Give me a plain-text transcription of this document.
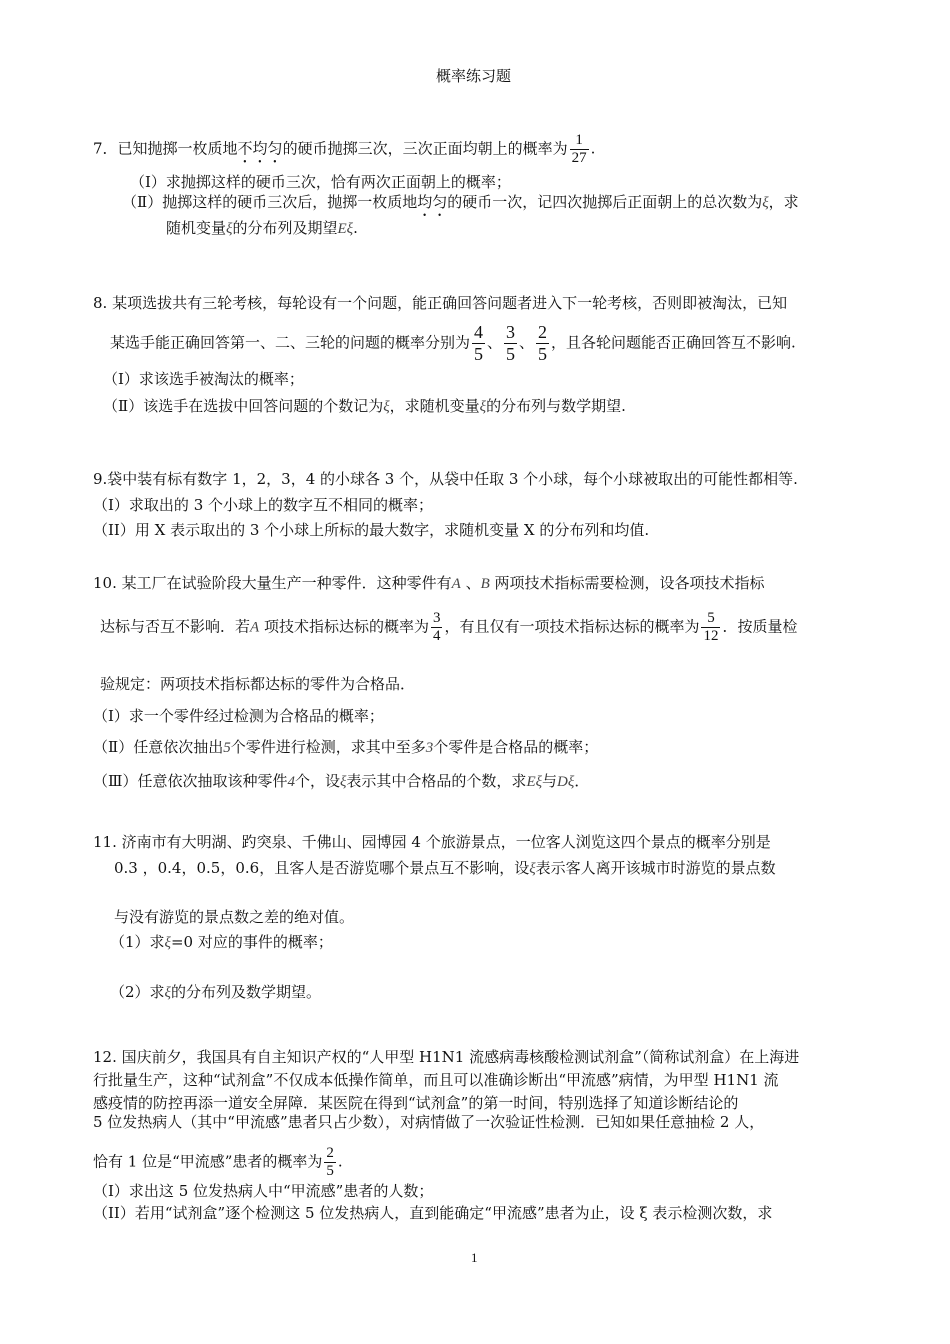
概率练习题
7．已知抛掷一枚质地不均匀的硬币抛掷三次，三次正面均朝上的概率为 $\frac{1}{27}$ .
（Ⅰ）求抛掷这样的硬币三次，恰有两次正面朝上的概率；
（Ⅱ）抛掷这样的硬币三次后，抛掷一枚质地均匀的硬币一次，记四次抛掷后正面朝上的总次数为ξ，求
随机变量ξ的分布列及期望Eξ.
8. 某项选拔共有三轮考核，每轮设有一个问题，能正确回答问题者进入下一轮考核，否则即被淘汰，已知
某选手能正确回答第一、二、三轮的问题的概率分别为 $\frac{4}{5}$ 、 $\frac{3}{5}$ 、 $\frac{2}{5}$ ，且各轮问题能否正确回答互不影响.
（Ⅰ）求该选手被淘汰的概率；
（Ⅱ）该选手在选拔中回答问题的个数记为ξ，求随机变量ξ的分布列与数学期望.
9.袋中装有标有数字 1，2，3，4 的小球各 3 个，从袋中任取 3 个小球，每个小球被取出的可能性都相等.
（I）求取出的 3 个小球上的数字互不相同的概率；
（II）用 X 表示取出的 3 个小球上所标的最大数字，求随机变量 X 的分布列和均值.
10. 某工厂在试验阶段大量生产一种零件．这种零件有A 、B 两项技术指标需要检测，设各项技术指标
达标与否互不影响．若A 项技术指标达标的概率为 $\frac{3}{4}$ ，有且仅有一项技术指标达标的概率为 $\frac{5}{12}$ ．按质量检
验规定：两项技术指标都达标的零件为合格品．
（Ⅰ）求一个零件经过检测为合格品的概率；
（Ⅱ）任意依次抽出5个零件进行检测，求其中至多3个零件是合格品的概率；
（Ⅲ）任意依次抽取该种零件4个，设ξ表示其中合格品的个数，求Eξ与Dξ．
11. 济南市有大明湖、趵突泉、千佛山、园博园 4 个旅游景点，一位客人浏览这四个景点的概率分别是
0.3 ，0.4，0.5，0.6，且客人是否游览哪个景点互不影响，设ξ表示客人离开该城市时游览的景点数
与没有游览的景点数之差的绝对值。
（1）求ξ=0 对应的事件的概率；
（2）求ξ的分布列及数学期望。
12. 国庆前夕，我国具有自主知识产权的“人甲型 H1N1 流感病毒核酸检测试剂盒”（简称试剂盒）在上海进
行批量生产，这种“试剂盒”不仅成本低操作简单，而且可以准确诊断出“甲流感”病情，为甲型 H1N1 流
感疫情的防控再添一道安全屏障．某医院在得到“试剂盒”的第一时间，特别选择了知道诊断结论的
5 位发热病人（其中“甲流感”患者只占少数），对病情做了一次验证性检测．已知如果任意抽检 2 人，
恰有 1 位是“甲流感”患者的概率为 $\frac{2}{5}$ .
（I）求出这 5 位发热病人中“甲流感”患者的人数；
（II）若用“试剂盒”逐个检测这 5 位发热病人，直到能确定“甲流感”患者为止，设 ξ 表示检测次数，求
1
